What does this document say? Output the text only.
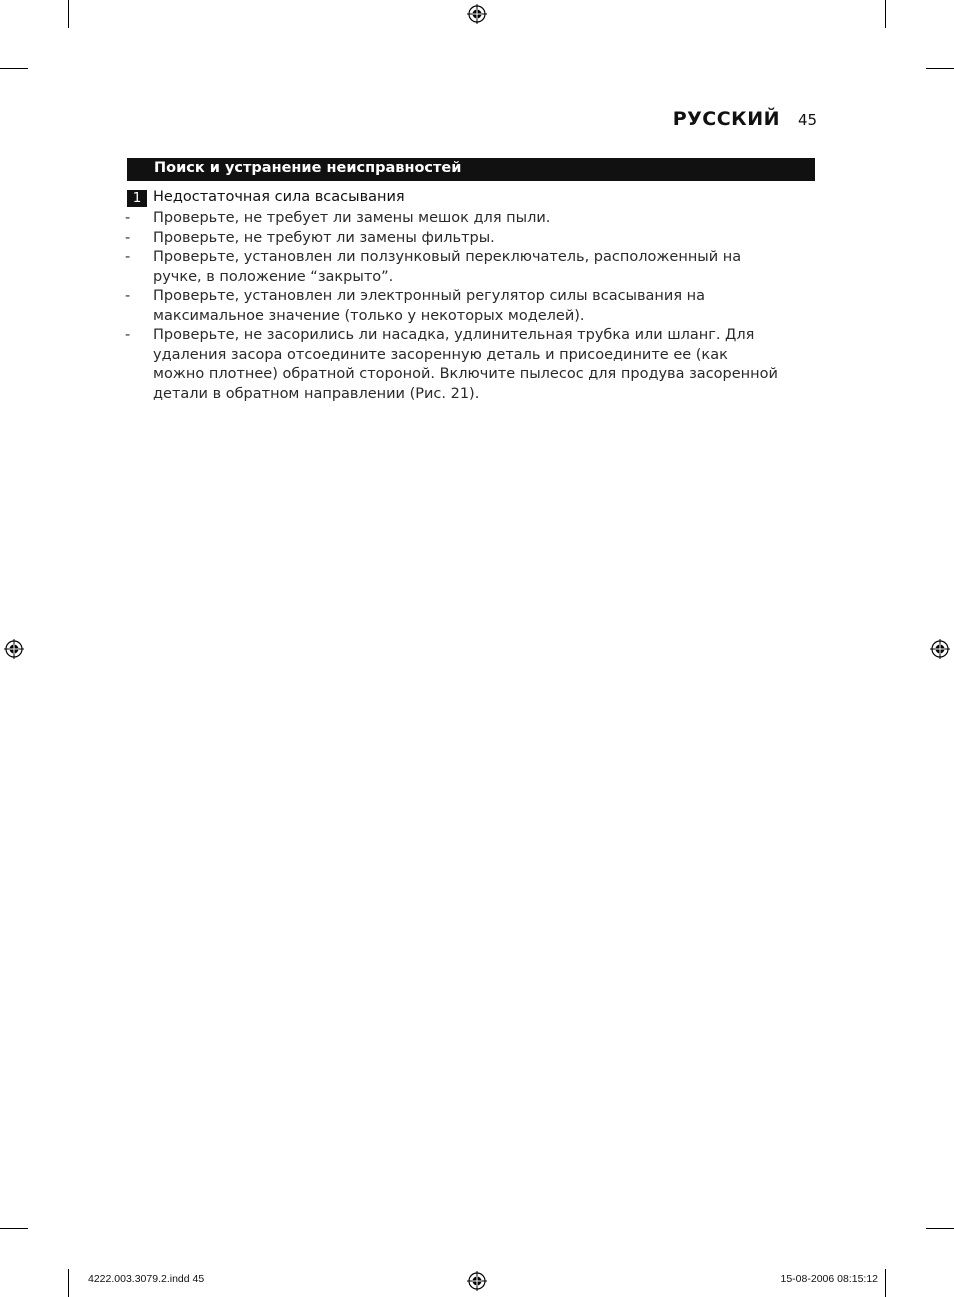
РУССКИЙ 45
Поиск и устранение неисправностей
1 Недостаточная сила всасывания
- Проверьте, не требует ли замены мешок для пыли.
- Проверьте, не требуют ли замены фильтры.
- Проверьте, установлен ли ползунковый переключатель, расположенный на ручке, в положение “закрыто”.
- Проверьте, установлен ли электронный регулятор силы всасывания на максимальное значение (только у некоторых моделей).
- Проверьте, не засорились ли насадка, удлинительная трубка или шланг. Для удаления засора отсоедините засоренную деталь и присоедините ее (как можно плотнее) обратной стороной. Включите пылесос для продува засоренной детали в обратном направлении (Рис. 21).
4222.003.3079.2.indd 45	15-08-2006 08:15:12
